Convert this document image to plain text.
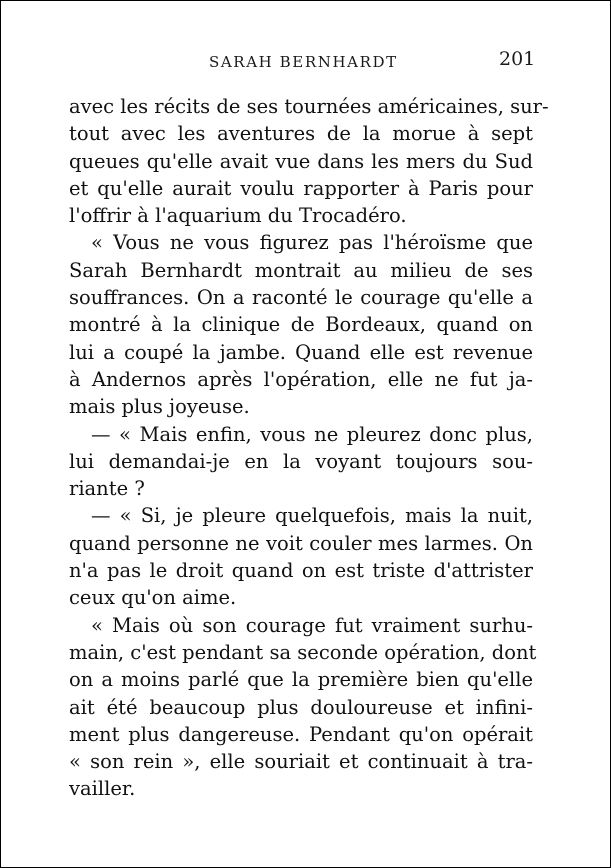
SARAH BERNHARDT	201
avec les récits de ses tournées américaines, sur-
tout avec les aventures de la morue à sept
queues qu'elle avait vue dans les mers du Sud
et qu'elle aurait voulu rapporter à Paris pour
l'offrir à l'aquarium du Trocadéro.
« Vous ne vous figurez pas l'héroïsme que
Sarah Bernhardt montrait au milieu de ses
souffrances. On a raconté le courage qu'elle a
montré à la clinique de Bordeaux, quand on
lui a coupé la jambe. Quand elle est revenue
à Andernos après l'opération, elle ne fut ja-
mais plus joyeuse.
— « Mais enfin, vous ne pleurez donc plus,
lui demandai-je en la voyant toujours sou-
riante ?
— « Si, je pleure quelquefois, mais la nuit,
quand personne ne voit couler mes larmes. On
n'a pas le droit quand on est triste d'attrister
ceux qu'on aime.
« Mais où son courage fut vraiment surhu-
main, c'est pendant sa seconde opération, dont
on a moins parlé que la première bien qu'elle
ait été beaucoup plus douloureuse et infini-
ment plus dangereuse. Pendant qu'on opérait
« son rein », elle souriait et continuait à tra-
vailler.
